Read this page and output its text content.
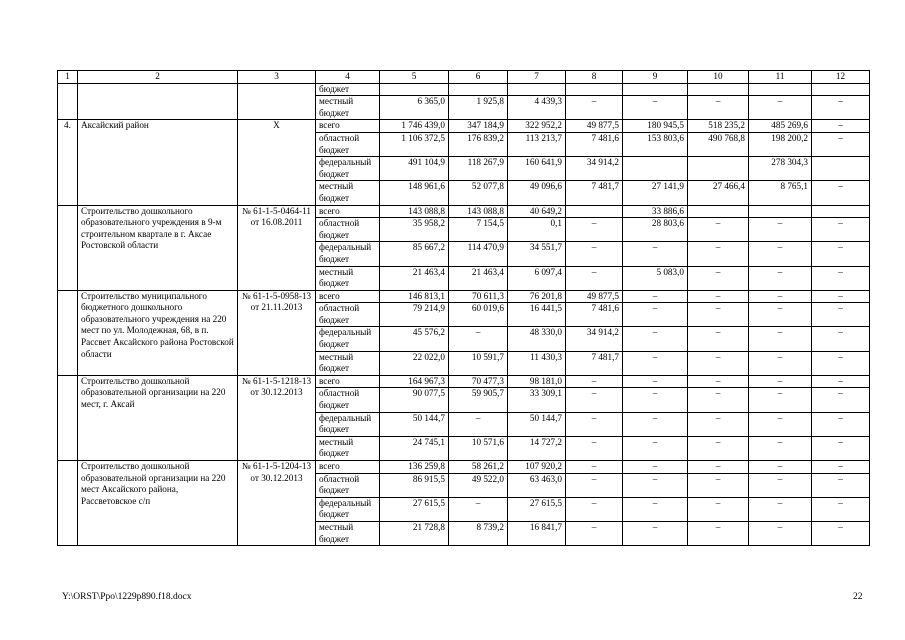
1	2	3	4	5	6	7	8	9	10	11	12
			бюджет								
			местный бюджет	6 365,0	1 925,8	4 439,3	–	–	–	–	–
4.	Аксайский район	X	всего	1 746 439,0	347 184,9	322 952,2	49 877,5	180 945,5	518 235,2	485 269,6	–
			областной бюджет	1 106 372,5	176 839,2	113 213,7	7 481,6	153 803,6	490 768,8	198 200,2	–
			федеральный бюджет	491 104,9	118 267,9	160 641,9	34 914,2			278 304,3	
			местный бюджет	148 961,6	52 077,8	49 096,6	7 481,7	27 141,9	27 466,4	8 765,1	–
	Строительство дошкольного образовательного учреждения в 9-м строительном квартале в г. Аксае Ростовской области	№ 61-1-5-0464-11 от 16.08.2011	всего	143 088,8	143 088,8	40 649,2		33 886,6			
			областной бюджет	35 958,2	7 154,5	0,1	–	28 803,6	–	–	–
			федеральный бюджет	85 667,2	114 470,9	34 551,7	–	–	–	–	–
			местный бюджет	21 463,4	21 463,4	6 097,4	–	5 083,0	–	–	–
	Строительство муниципального бюджетного дошкольного образовательного учреждения на 220 мест по ул. Молодежная, 68, в п. Рассвет Аксайского района Ростовской области	№ 61-1-5-0958-13 от 21.11.2013	всего	146 813,1	70 611,3	76 201,8	49 877,5	–	–	–	–
			областной бюджет	79 214,9	60 019,6	16 441,5	7 481,6	–	–	–	–
			федеральный бюджет	45 576,2	–	48 330,0	34 914,2	–	–	–	–
			местный бюджет	22 022,0	10 591,7	11 430,3	7 481,7	–	–	–	–
	Строительство дошкольной образовательной организации на 220 мест, г. Аксай	№ 61-1-5-1218-13 от 30.12.2013	всего	164 967,3	70 477,3	98 181,0	–	–	–	–	–
			областной бюджет	90 077,5	59 905,7	33 309,1	–	–	–	–	–
			федеральный бюджет	50 144,7	–	50 144,7	–	–	–	–	–
			местный бюджет	24 745,1	10 571,6	14 727,2	–	–	–	–	–
	Строительство дошкольной образовательной организации на 220 мест Аксайского района, Рассветовское с/п	№ 61-1-5-1204-13 от 30.12.2013	всего	136 259,8	58 261,2	107 920,2	–	–	–	–	–
			областной бюджет	86 915,5	49 522,0	63 463,0	–	–	–	–	–
			федеральный бюджет	27 615,5	–	27 615,5	–	–	–	–	–
			местный бюджет	21 728,8	8 739,2	16 841,7	–	–	–	–	–
Y:\ORST\Ppo\1229p890.f18.docx	22
